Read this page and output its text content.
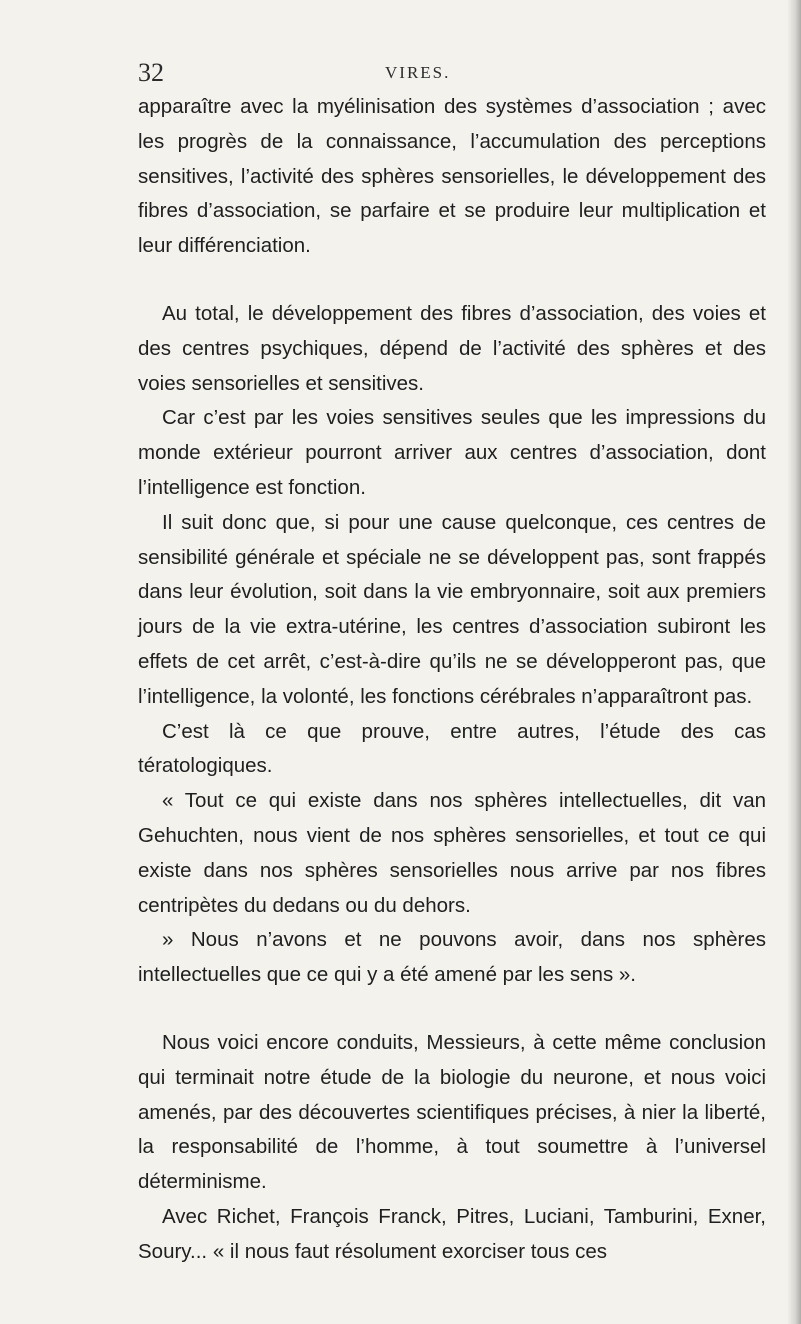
32	VIRES.

apparaître avec la myélinisation des systèmes d’association ; avec les progrès de la connaissance, l’accumulation des perceptions sensitives, l’activité des sphères sensorielles, le développement des fibres d’association, se parfaire et se produire leur multiplication et leur différenciation.

Au total, le développement des fibres d’association, des voies et des centres psychiques, dépend de l’activité des sphères et des voies sensorielles et sensitives.

Car c’est par les voies sensitives seules que les impressions du monde extérieur pourront arriver aux centres d’association, dont l’intelligence est fonction.

Il suit donc que, si pour une cause quelconque, ces centres de sensibilité générale et spéciale ne se développent pas, sont frappés dans leur évolution, soit dans la vie embryonnaire, soit aux premiers jours de la vie extra-utérine, les centres d’association subiront les effets de cet arrêt, c’est-à-dire qu’ils ne se développeront pas, que l’intelligence, la volonté, les fonctions cérébrales n’apparaîtront pas.

C’est là ce que prouve, entre autres, l’étude des cas tératologiques.

« Tout ce qui existe dans nos sphères intellectuelles, dit van Gehuchten, nous vient de nos sphères sensorielles, et tout ce qui existe dans nos sphères sensorielles nous arrive par nos fibres centripètes du dedans ou du dehors.

» Nous n’avons et ne pouvons avoir, dans nos sphères intellectuelles que ce qui y a été amené par les sens ».

Nous voici encore conduits, Messieurs, à cette même conclusion qui terminait notre étude de la biologie du neurone, et nous voici amenés, par des découvertes scientifiques précises, à nier la liberté, la responsabilité de l’homme, à tout soumettre à l’universel déterminisme.

Avec Richet, François Franck, Pitres, Luciani, Tamburini, Exner, Soury... « il nous faut résolument exorciser tous ces
